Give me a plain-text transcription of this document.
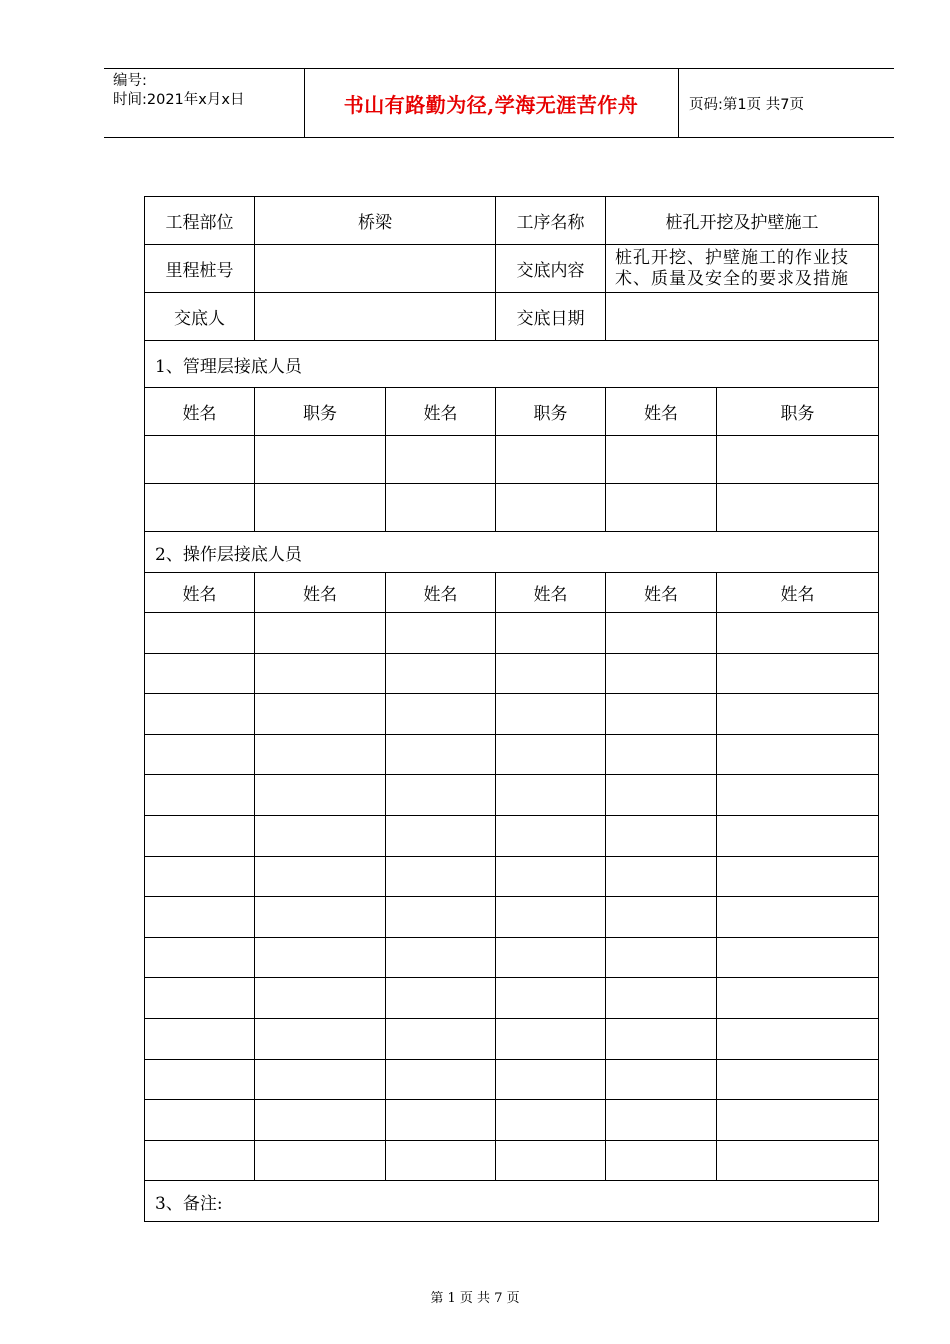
编号:
时间:2021年x月x日	书山有路勤为径,学海无涯苦作舟	页码:第1页 共7页
工程部位	桥梁		工序名称	桩孔开挖及护壁施工	
里程桩号			交底内容	桩孔开挖、护壁施工的作业技
术、质量及安全的要求及措施	

交底人			交底日期		
1、管理层接底人员					
姓名	职务	姓名	职务	姓名	职务

2、操作层接底人员					
姓名	姓名	姓名	姓名	姓名	姓名

3、备注:					
第 1 页 共 7 页
